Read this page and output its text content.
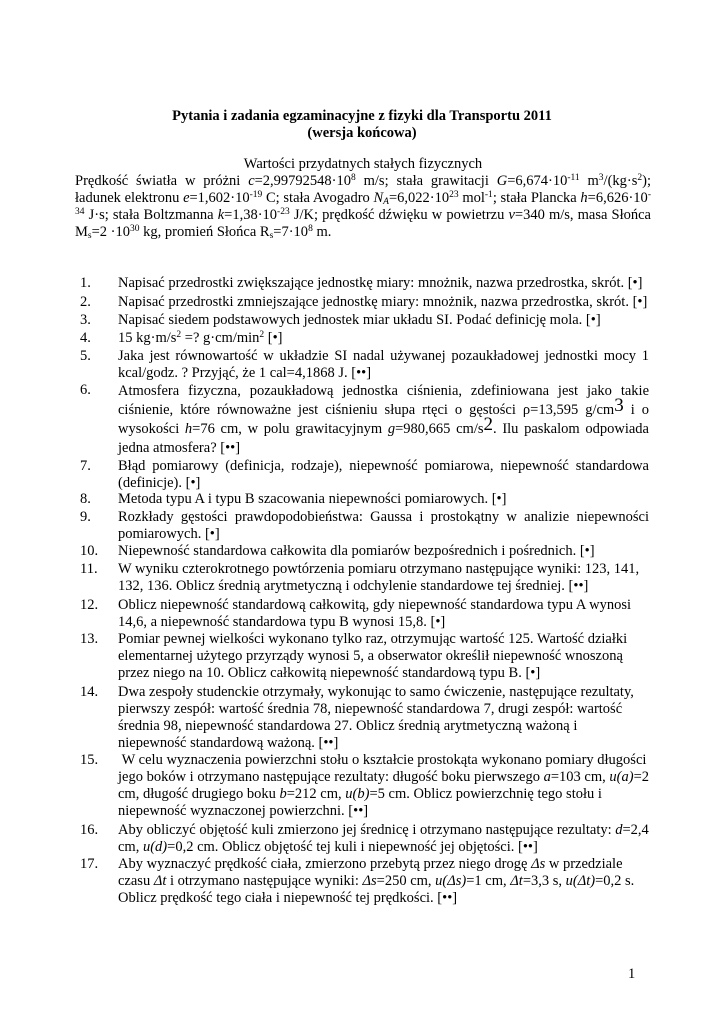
Pytania i zadania egzaminacyjne z fizyki dla Transportu 2011
(wersja końcowa)
Wartości przydatnych stałych fizycznych

Prędkość światła w próżni $c=2,99792548\cdot 10^8$ m/s; stała grawitacji $G=6,674\cdot 10^{-11}$ $m^3/(kg\cdot s^2)$; ładunek elektronu $e=1,602\cdot 10^{-19}$ C; stała Avogadro $N_A=6,022\cdot 10^{23}$ mol$^{-1}$; stała Plancka $h=6,626\cdot 10^{-34}$ J·s; stała Boltzmanna $k=1,38\cdot 10^{-23}$ J/K; prędkość dźwięku w powietrzu v=340 m/s, masa Słońca $M_s=2 \cdot 10^{30}$ kg, promień Słońca $R_s=7\cdot 10^8$ m.

1.	Napisać przedrostki zwiększające jednostkę miary: mnożnik, nazwa przedrostka, skrót. [•]
2.	Napisać przedrostki zmniejszające jednostkę miary: mnożnik, nazwa przedrostka, skrót. [•]
3.	Napisać siedem podstawowych jednostek miar układu SI. Podać definicję mola. [•]
4.	15 $kg\cdot m/s^2$ =? $g\cdot cm/\min^2$ [•]
5.	Jaka jest równowartość w układzie SI nadal używanej pozaukładowej jednostki mocy 1 kcal/godz. ? Przyjąć, że 1 cal=4,1868 J. [••]
6.	Atmosfera fizyczna, pozaukładową jednostka ciśnienia, zdefiniowana jest jako takie ciśnienie, które równoważne jest ciśnieniu słupa rtęci o gęstości ρ=13,595 g/cm3 i o wysokości h=76 cm, w polu grawitacyjnym g=980,665 cm/s2. Ilu paskalom odpowiada jedna atmosfera? [••]
7.	Błąd pomiarowy (definicja, rodzaje), niepewność pomiarowa, niepewność standardowa (definicje). [•]
8.	Metoda typu A i typu B szacowania niepewności pomiarowych. [•]
9.	Rozkłady gęstości prawdopodobieństwa: Gaussa i prostokątny w analizie niepewności pomiarowych. [•]
10.	Niepewność standardowa całkowita dla pomiarów bezpośrednich i pośrednich. [•]
11.	W wyniku czterokrotnego powtórzenia pomiaru otrzymano następujące wyniki: 123, 141, 132, 136. Oblicz średnią arytmetyczną i odchylenie standardowe tej średniej. [••]
12.	Oblicz niepewność standardową całkowitą, gdy niepewność standardowa typu A wynosi 14,6, a niepewność standardowa typu B wynosi 15,8. [•]
13.	Pomiar pewnej wielkości wykonano tylko raz, otrzymując wartość 125. Wartość działki elementarnej użytego przyrządy wynosi 5, a obserwator określił niepewność wnoszoną przez niego na 10. Oblicz całkowitą niepewność standardową typu B. [•]
14.	Dwa zespoły studenckie otrzymały, wykonując to samo ćwiczenie, następujące rezultaty, pierwszy zespół: wartość średnia 78, niepewność standardowa 7, drugi zespół: wartość średnia 98, niepewność standardowa 27. Oblicz średnią arytmetyczną ważoną i niepewność standardową ważoną. [••]
15.	W celu wyznaczenia powierzchni stołu o kształcie prostokąta wykonano pomiary długości jego boków i otrzymano następujące rezultaty: długość boku pierwszego a=103 cm, u(a)=2 cm, długość drugiego boku b=212 cm, u(b)=5 cm. Oblicz powierzchnię tego stołu i niepewność wyznaczonej powierzchni. [••]
16.	Aby obliczyć objętość kuli zmierzono jej średnicę i otrzymano następujące rezultaty: d=2,4 cm, u(d)=0,2 cm. Oblicz objętość tej kuli i niepewność jej objętości. [••]
17.	Aby wyznaczyć prędkość ciała, zmierzono przebytą przez niego drogę Δs w przedziale czasu Δt i otrzymano następujące wyniki: Δs=250 cm, u(Δs)=1 cm, Δt=3,3 s, u(Δt)=0,2 s. Oblicz prędkość tego ciała i niepewność tej prędkości. [••]
1
